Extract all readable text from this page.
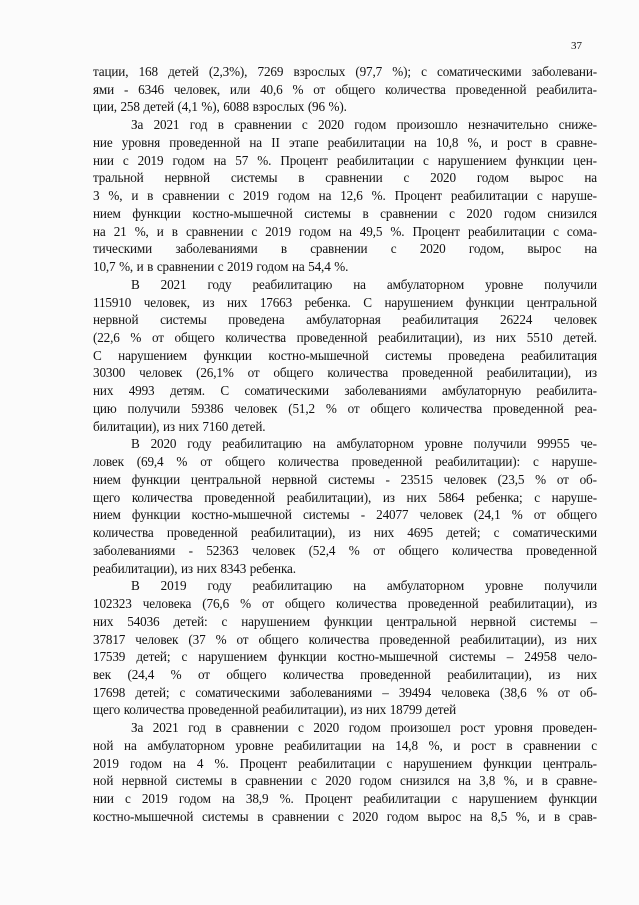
37
тации, 168 детей (2,3%), 7269 взрослых (97,7 %); с соматическими заболевани-
ями - 6346 человек, или 40,6 % от общего количества проведенной реабилита-
ции, 258 детей (4,1 %), 6088 взрослых (96 %).
За 2021 год в сравнении с 2020 годом произошло незначительно сниже-
ние уровня проведенной на II этапе реабилитации на 10,8 %, и рост в сравне-
нии с 2019 годом на 57 %. Процент реабилитации с нарушением функции цен-
тральной нервной системы в сравнении с 2020 годом вырос на
3 %, и в сравнении с 2019 годом на 12,6 %. Процент реабилитации с наруше-
нием функции костно-мышечной системы в сравнении с 2020 годом снизился
на 21 %, и в сравнении с 2019 годом на 49,5 %. Процент реабилитации с сома-
тическими заболеваниями в сравнении с 2020 годом, вырос на
10,7 %, и в сравнении с 2019 годом на 54,4 %.
В 2021 году реабилитацию на амбулаторном уровне получили
115910 человек, из них 17663 ребенка. С нарушением функции центральной
нервной системы проведена амбулаторная реабилитация 26224 человек
(22,6 % от общего количества проведенной реабилитации), из них 5510 детей.
С нарушением функции костно-мышечной системы проведена реабилитация
30300 человек (26,1% от общего количества проведенной реабилитации), из
них 4993 детям. С соматическими заболеваниями амбулаторную реабилита-
цию получили 59386 человек (51,2 % от общего количества проведенной реа-
билитации), из них 7160 детей.
В 2020 году реабилитацию на амбулаторном уровне получили 99955 че-
ловек (69,4 % от общего количества проведенной реабилитации): с наруше-
нием функции центральной нервной системы - 23515 человек (23,5 % от об-
щего количества проведенной реабилитации), из них 5864 ребенка; с наруше-
нием функции костно-мышечной системы - 24077 человек (24,1 % от общего
количества проведенной реабилитации), из них 4695 детей; с соматическими
заболеваниями - 52363 человек (52,4 % от общего количества проведенной
реабилитации), из них 8343 ребенка.
В 2019 году реабилитацию на амбулаторном уровне получили
102323 человека (76,6 % от общего количества проведенной реабилитации), из
них 54036 детей: с нарушением функции центральной нервной системы –
37817 человек (37 % от общего количества проведенной реабилитации), из них
17539 детей; с нарушением функции костно-мышечной системы – 24958 чело-
век (24,4 % от общего количества проведенной реабилитации), из них
17698 детей; с соматическими заболеваниями – 39494 человека (38,6 % от об-
щего количества проведенной реабилитации), из них 18799 детей
За 2021 год в сравнении с 2020 годом произошел рост уровня проведен-
ной на амбулаторном уровне реабилитации на 14,8 %, и рост в сравнении с
2019 годом на 4 %. Процент реабилитации с нарушением функции централь-
ной нервной системы в сравнении с 2020 годом снизился на 3,8 %, и в сравне-
нии с 2019 годом на 38,9 %. Процент реабилитации с нарушением функции
костно-мышечной системы в сравнении с 2020 годом вырос на 8,5 %, и в срав-
